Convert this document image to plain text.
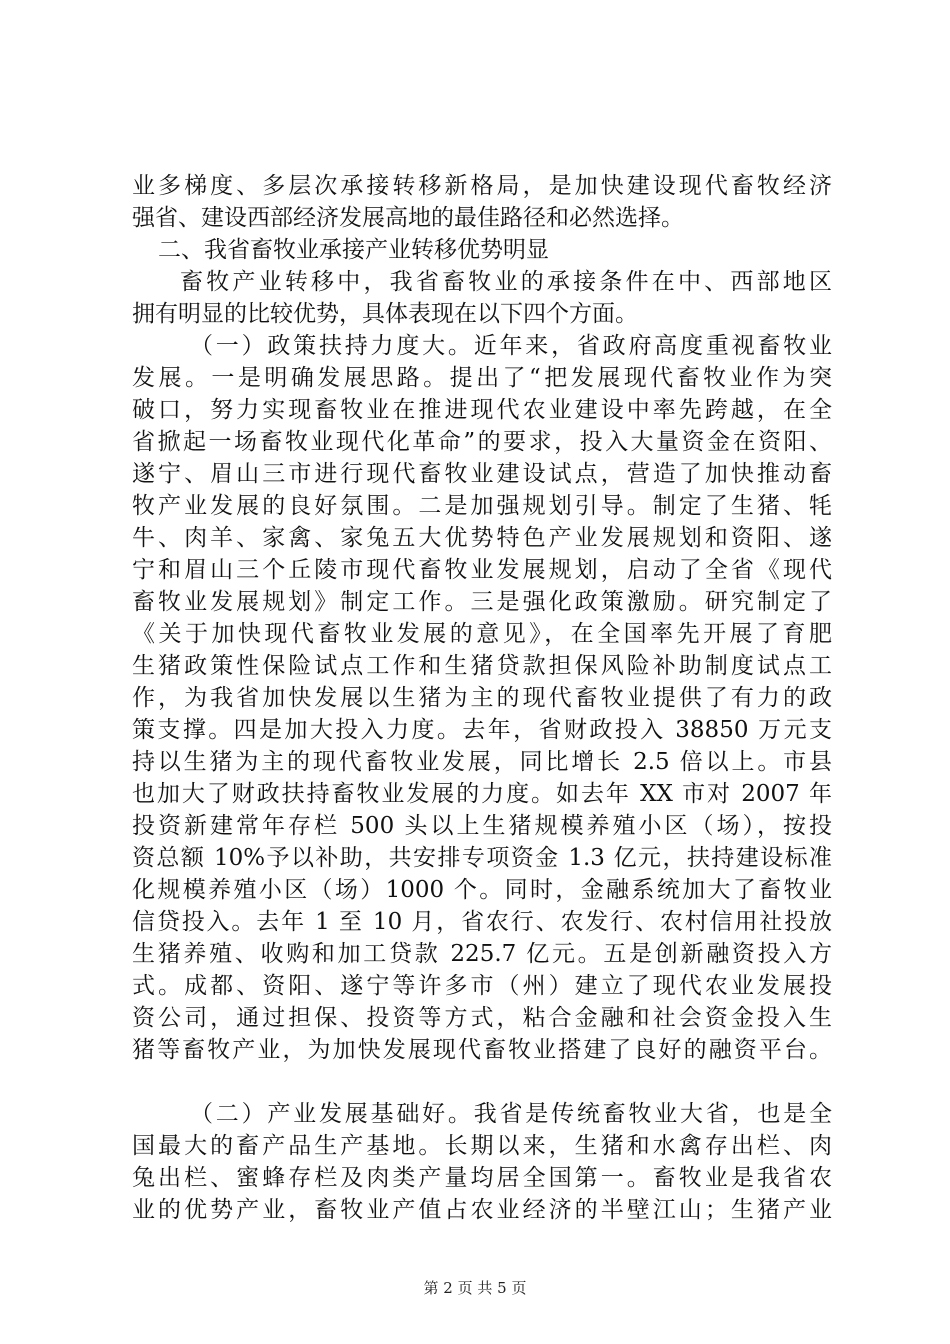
业多梯度、多层次承接转移新格局，是加快建设现代畜牧经济
强省、建设西部经济发展高地的最佳路径和必然选择。
二、我省畜牧业承接产业转移优势明显
畜牧产业转移中，我省畜牧业的承接条件在中、西部地区
拥有明显的比较优势，具体表现在以下四个方面。
（一）政策扶持力度大。近年来，省政府高度重视畜牧业
发展。一是明确发展思路。提出了“把发展现代畜牧业作为突
破口，努力实现畜牧业在推进现代农业建设中率先跨越，在全
省掀起一场畜牧业现代化革命”的要求，投入大量资金在资阳、
遂宁、眉山三市进行现代畜牧业建设试点，营造了加快推动畜
牧产业发展的良好氛围。二是加强规划引导。制定了生猪、牦
牛、肉羊、家禽、家兔五大优势特色产业发展规划和资阳、遂
宁和眉山三个丘陵市现代畜牧业发展规划，启动了全省《现代
畜牧业发展规划》制定工作。三是强化政策激励。研究制定了
《关于加快现代畜牧业发展的意见》，在全国率先开展了育肥
生猪政策性保险试点工作和生猪贷款担保风险补助制度试点工
作，为我省加快发展以生猪为主的现代畜牧业提供了有力的政
策支撑。四是加大投入力度。去年，省财政投入 38850 万元支
持以生猪为主的现代畜牧业发展，同比增长 2.5 倍以上。市县
也加大了财政扶持畜牧业发展的力度。如去年 XX 市对 2007 年
投资新建常年存栏 500 头以上生猪规模养殖小区（场），按投
资总额 10%予以补助，共安排专项资金 1.3 亿元，扶持建设标准
化规模养殖小区（场）1000 个。同时，金融系统加大了畜牧业
信贷投入。去年 1 至 10 月，省农行、农发行、农村信用社投放
生猪养殖、收购和加工贷款 225.7 亿元。五是创新融资投入方
式。成都、资阳、遂宁等许多市（州）建立了现代农业发展投
资公司，通过担保、投资等方式，粘合金融和社会资金投入生
猪等畜牧产业，为加快发展现代畜牧业搭建了良好的融资平台。
（二）产业发展基础好。我省是传统畜牧业大省，也是全
国最大的畜产品生产基地。长期以来，生猪和水禽存出栏、肉
兔出栏、蜜蜂存栏及肉类产量均居全国第一。畜牧业是我省农
业的优势产业，畜牧业产值占农业经济的半壁江山；生猪产业
第 2 页 共 5 页
